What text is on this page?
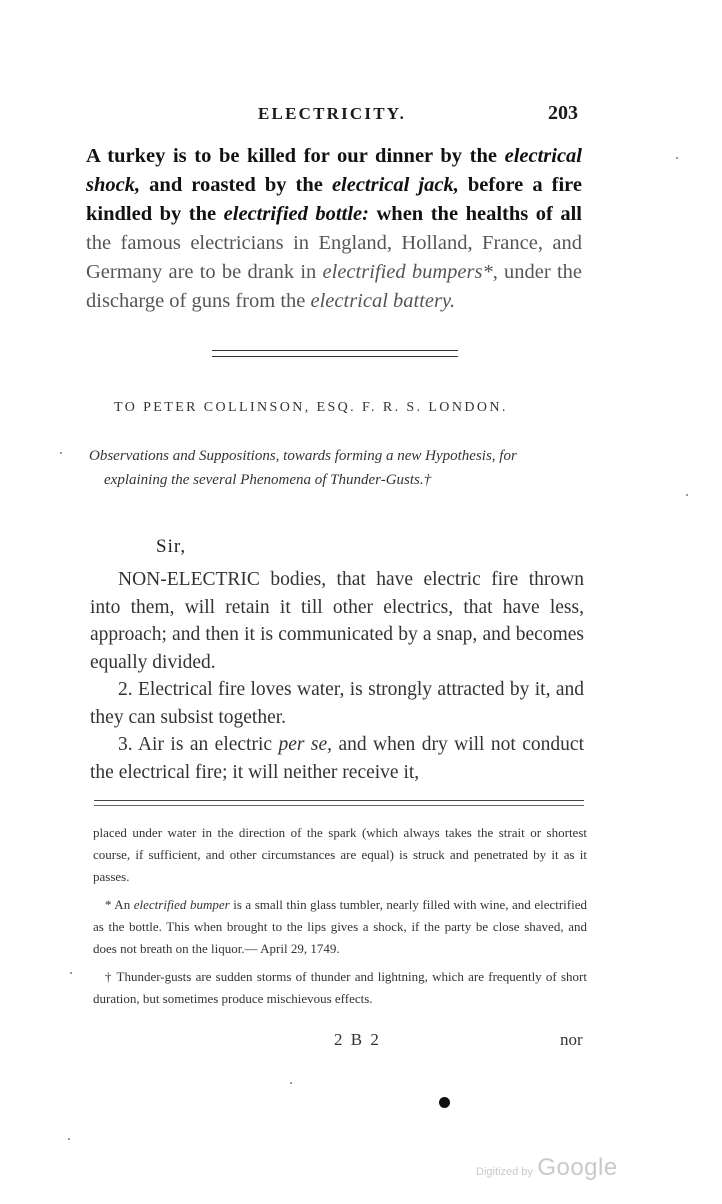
ELECTRICITY.	203
A turkey is to be killed for our dinner by the electrical shock, and roasted by the electrical jack, before a fire kindled by the electrified bottle: when the healths of all the famous electricians in England, Holland, France, and Germany are to be drank in electrified bumpers*, under the discharge of guns from the electrical battery.
TO PETER COLLINSON, ESQ. F. R. S. LONDON.
Observations and Suppositions, towards forming a new Hypothesis, for explaining the several Phenomena of Thunder-Gusts.†
Sir,

NON-ELECTRIC bodies, that have electric fire thrown into them, will retain it till other electrics, that have less, approach; and then it is communicated by a snap, and becomes equally divided.

2. Electrical fire loves water, is strongly attracted by it, and they can subsist together.

3. Air is an electric per se, and when dry will not conduct the electrical fire; it will neither receive it,

placed under water in the direction of the spark (which always takes the strait or shortest course, if sufficient, and other circumstances are equal) is struck and penetrated by it as it passes.

* An electrified bumper is a small thin glass tumbler, nearly filled with wine, and electrified as the bottle. This when brought to the lips gives a shock, if the party be close shaved, and does not breath on the liquor.— April 29, 1749.

† Thunder-gusts are sudden storms of thunder and lightning, which are frequently of short duration, but sometimes produce mischievous effects.

2 B 2	nor
Digitized by Google
